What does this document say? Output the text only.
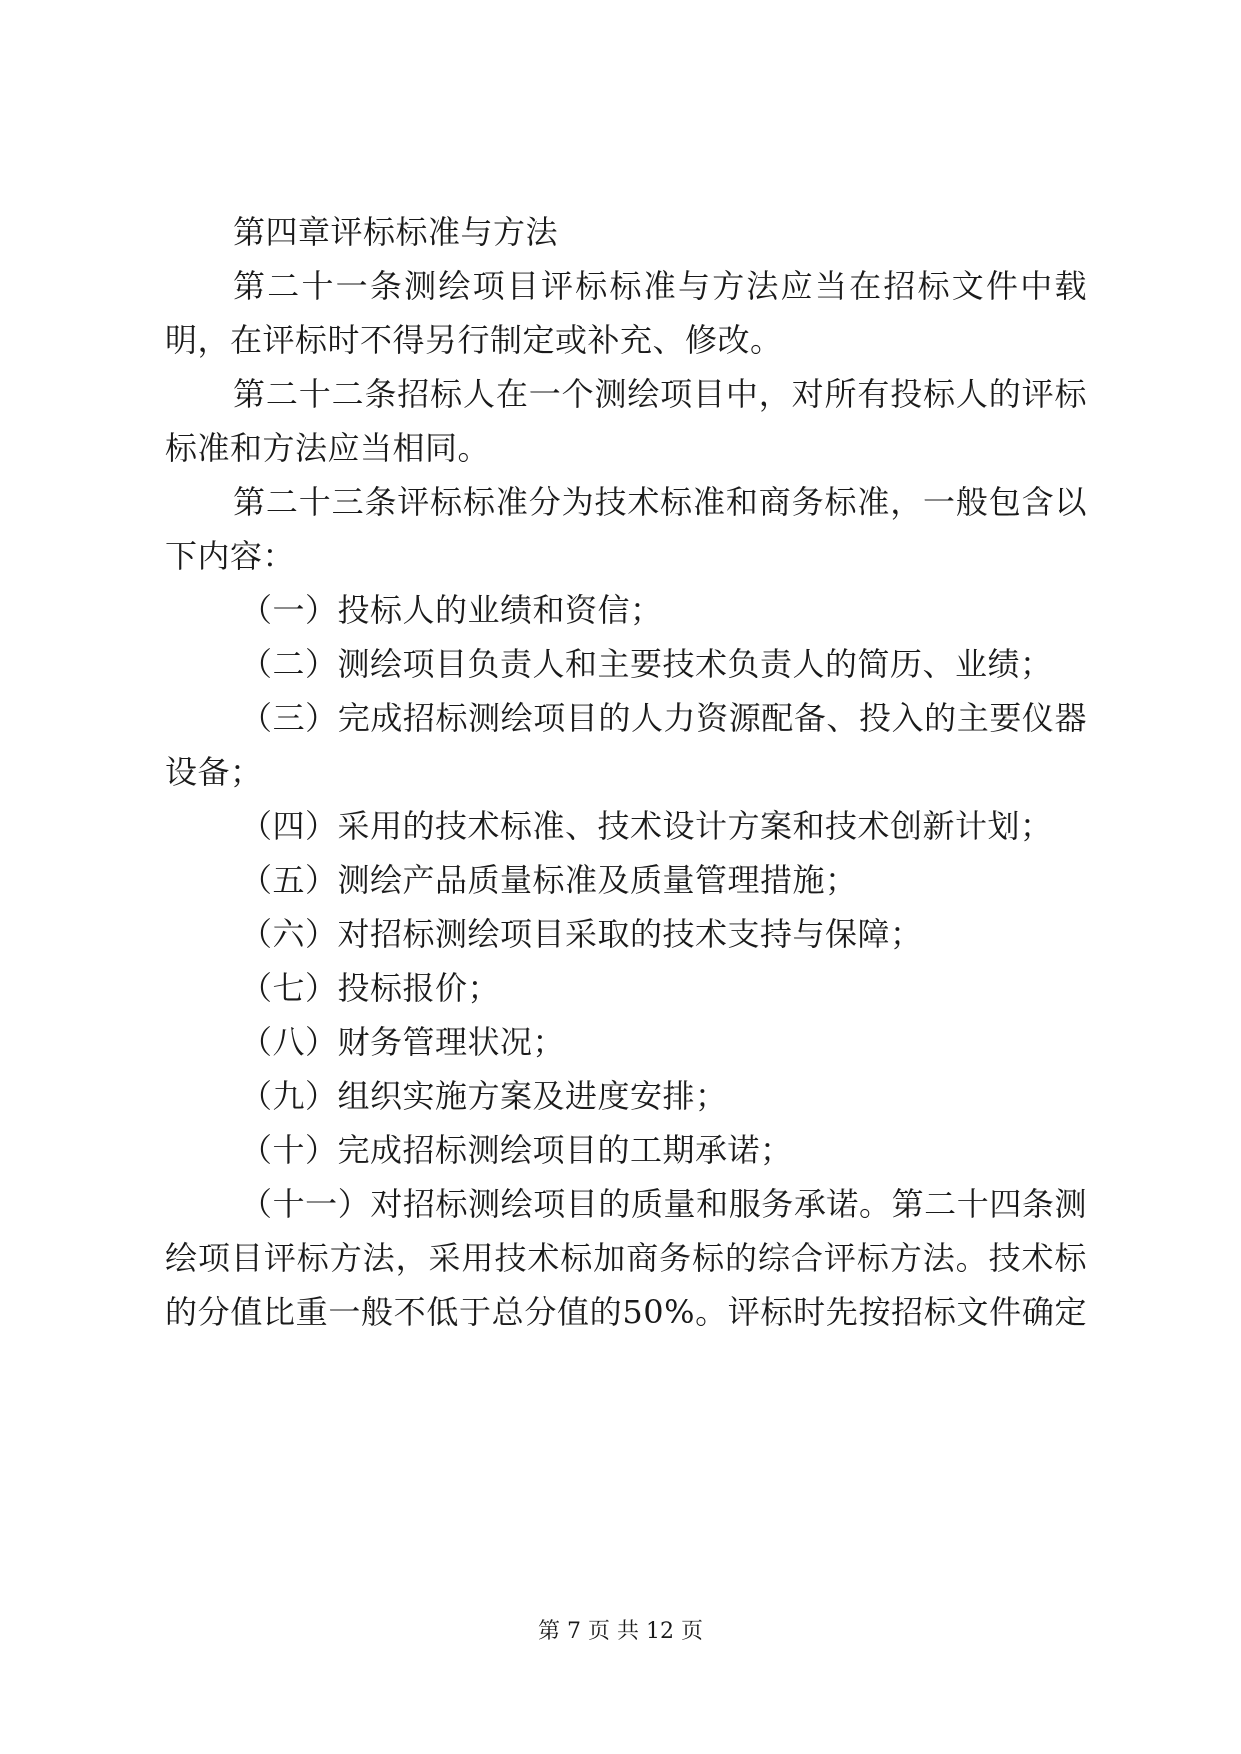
第四章评标标准与方法
第二十一条测绘项目评标标准与方法应当在招标文件中载
明，在评标时不得另行制定或补充、修改。
第二十二条招标人在一个测绘项目中，对所有投标人的评标
标准和方法应当相同。
第二十三条评标标准分为技术标准和商务标准，一般包含以
下内容：
（一）投标人的业绩和资信；
（二）测绘项目负责人和主要技术负责人的简历、业绩；
（三）完成招标测绘项目的人力资源配备、投入的主要仪器
设备；
（四）采用的技术标准、技术设计方案和技术创新计划；
（五）测绘产品质量标准及质量管理措施；
（六）对招标测绘项目采取的技术支持与保障；
（七）投标报价；
（八）财务管理状况；
（九）组织实施方案及进度安排；
（十）完成招标测绘项目的工期承诺；
（十一）对招标测绘项目的质量和服务承诺。第二十四条测
绘项目评标方法，采用技术标加商务标的综合评标方法。技术标
的分值比重一般不低于总分值的50%。评标时先按招标文件确定
第 7 页 共 12 页
